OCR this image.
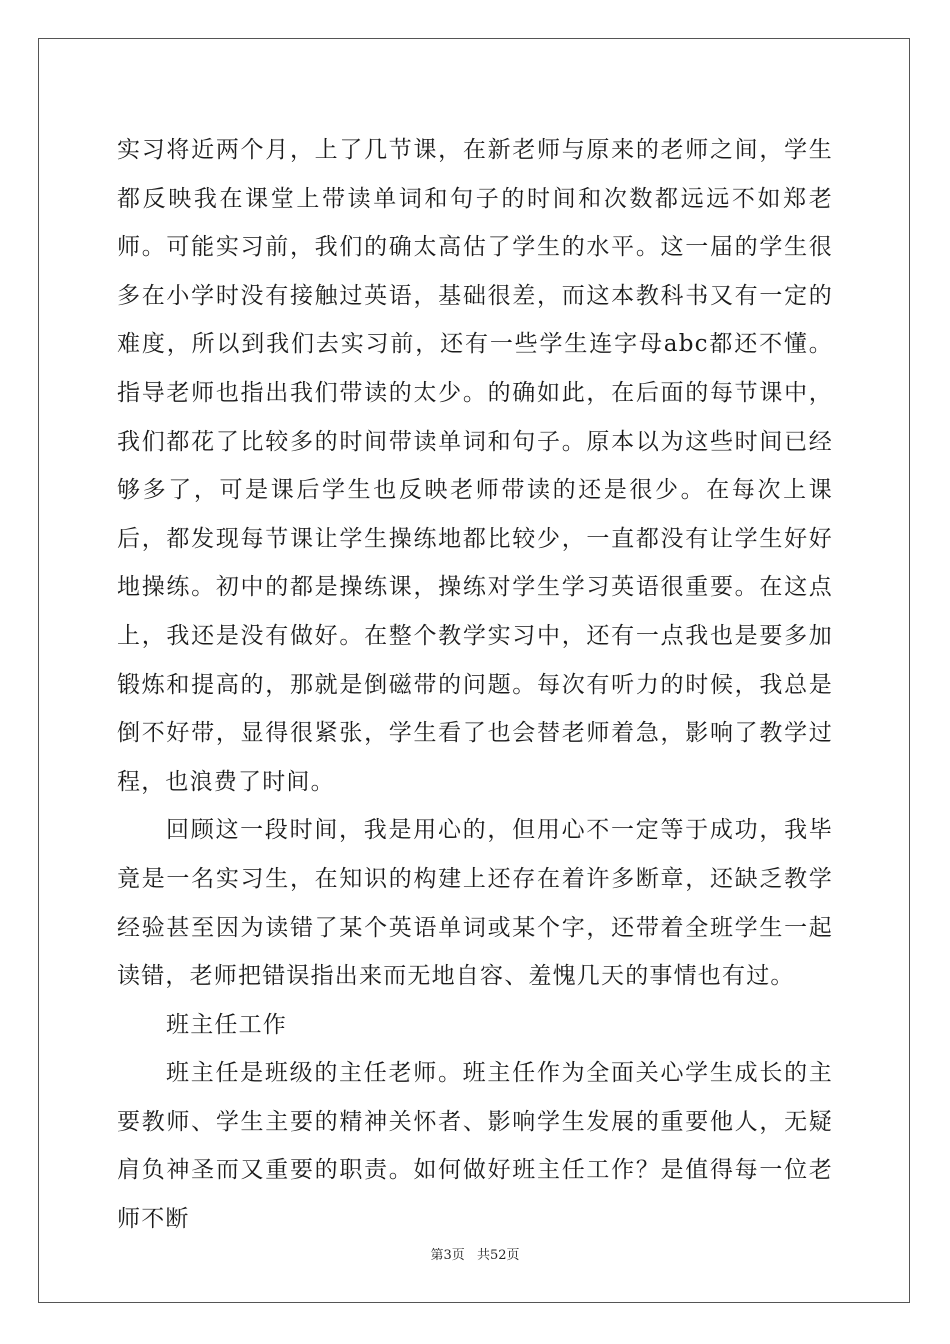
实习将近两个月，上了几节课，在新老师与原来的老师之间，学生都反映我在课堂上带读单词和句子的时间和次数都远远不如郑老师。可能实习前，我们的确太高估了学生的水平。这一届的学生很多在小学时没有接触过英语，基础很差，而这本教科书又有一定的难度，所以到我们去实习前，还有一些学生连字母abc都还不懂。指导老师也指出我们带读的太少。的确如此，在后面的每节课中，我们都花了比较多的时间带读单词和句子。原本以为这些时间已经够多了，可是课后学生也反映老师带读的还是很少。在每次上课后，都发现每节课让学生操练地都比较少，一直都没有让学生好好地操练。初中的都是操练课，操练对学生学习英语很重要。在这点上，我还是没有做好。在整个教学实习中，还有一点我也是要多加锻炼和提高的，那就是倒磁带的问题。每次有听力的时候，我总是倒不好带，显得很紧张，学生看了也会替老师着急，影响了教学过程，也浪费了时间。

回顾这一段时间，我是用心的，但用心不一定等于成功，我毕竟是一名实习生，在知识的构建上还存在着许多断章，还缺乏教学经验甚至因为读错了某个英语单词或某个字，还带着全班学生一起读错，老师把错误指出来而无地自容、羞愧几天的事情也有过。

班主任工作

班主任是班级的主任老师。班主任作为全面关心学生成长的主要教师、学生主要的精神关怀者、影响学生发展的重要他人，无疑肩负神圣而又重要的职责。如何做好班主任工作？是值得每一位老师不断

第3页 共52页
